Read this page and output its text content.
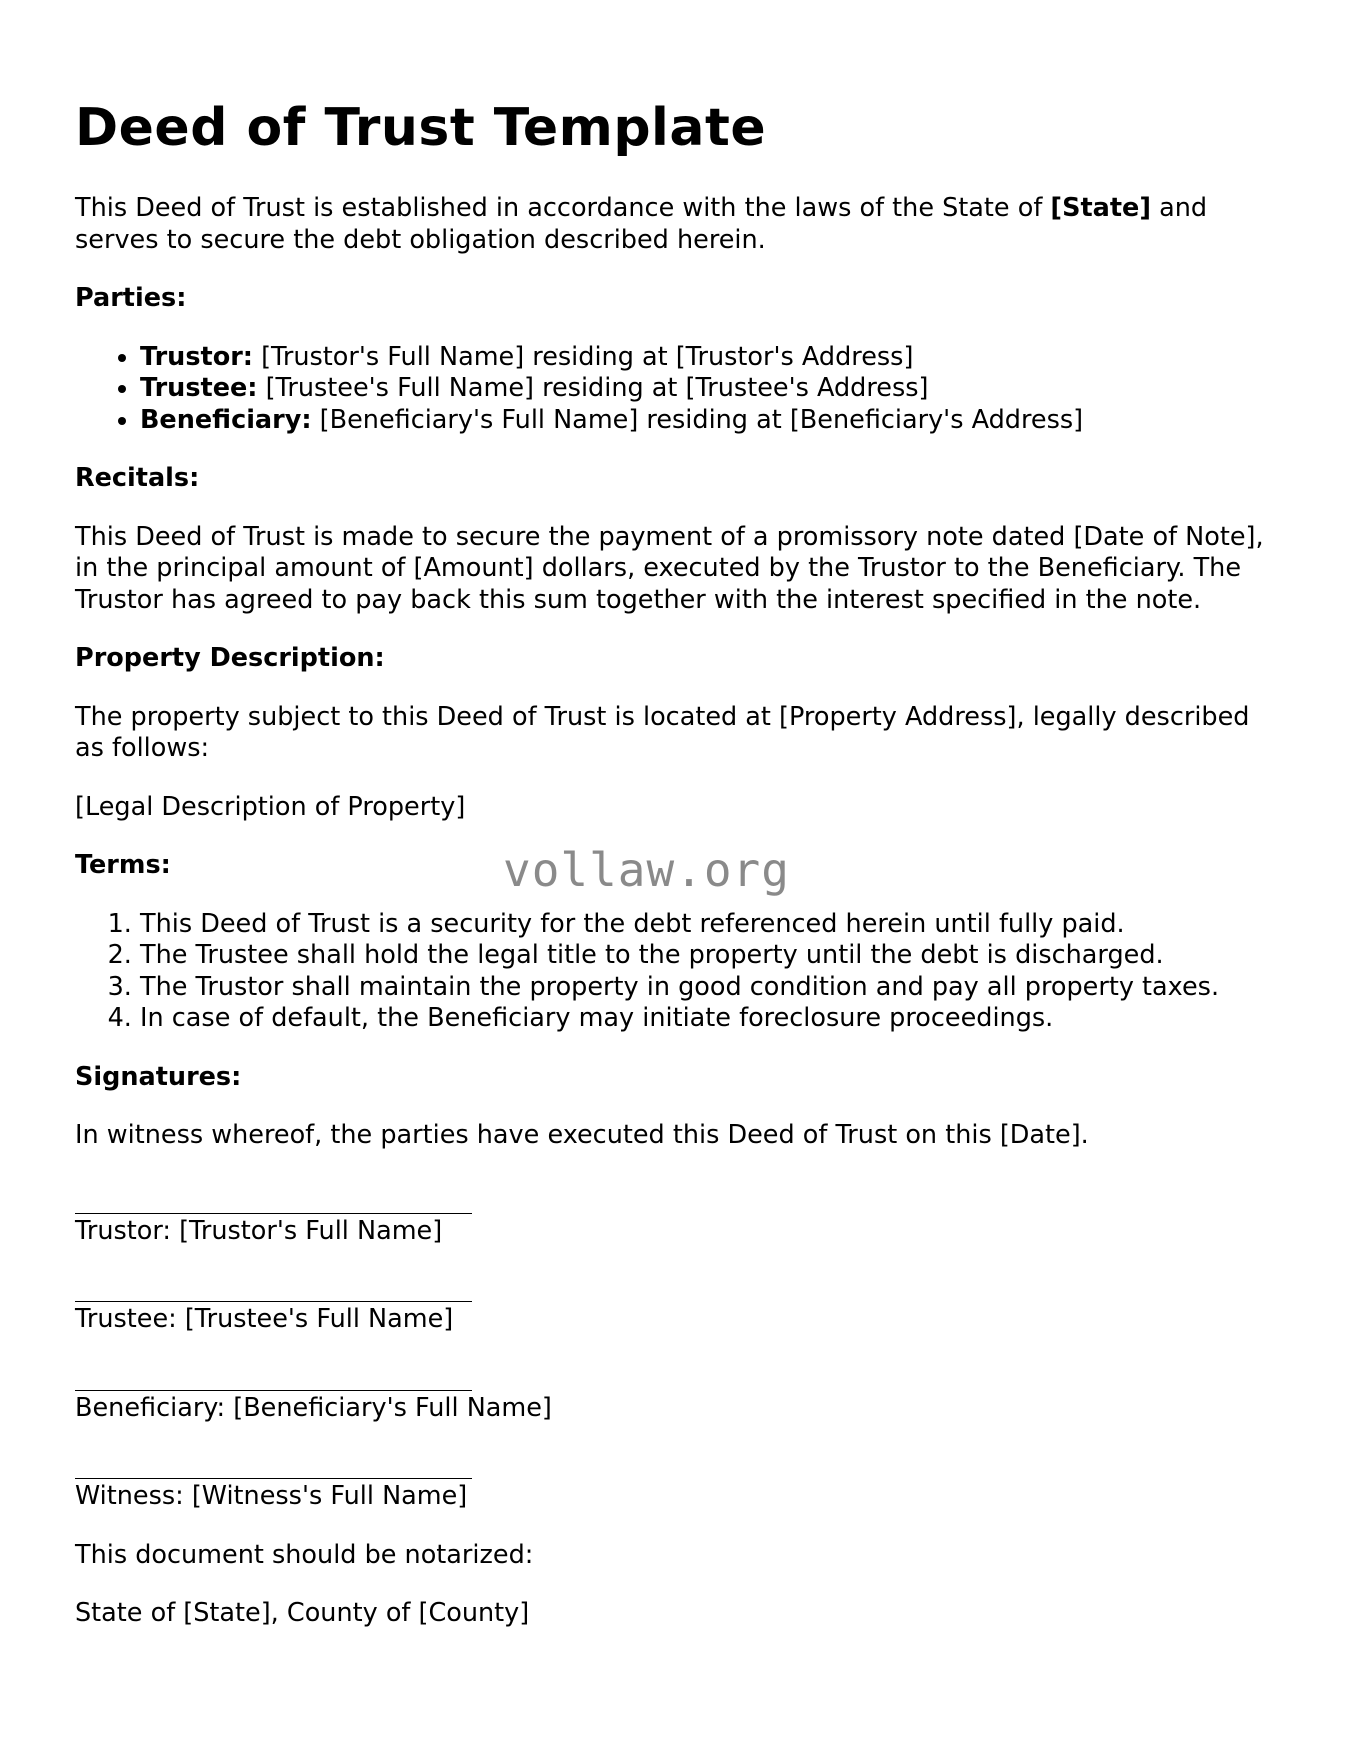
Deed of Trust Template

This Deed of Trust is established in accordance with the laws of the State of [State] and serves to secure the debt obligation described herein.

Parties:

• Trustor: [Trustor's Full Name] residing at [Trustor's Address]
• Trustee: [Trustee's Full Name] residing at [Trustee's Address]
• Beneficiary: [Beneficiary's Full Name] residing at [Beneficiary's Address]

Recitals:

This Deed of Trust is made to secure the payment of a promissory note dated [Date of Note], in the principal amount of [Amount] dollars, executed by the Trustor to the Beneficiary. The Trustor has agreed to pay back this sum together with the interest specified in the note.

Property Description:

The property subject to this Deed of Trust is located at [Property Address], legally described as follows:

[Legal Description of Property]

Terms:

1. This Deed of Trust is a security for the debt referenced herein until fully paid.
2. The Trustee shall hold the legal title to the property until the debt is discharged.
3. The Trustor shall maintain the property in good condition and pay all property taxes.
4. In case of default, the Beneficiary may initiate foreclosure proceedings.

Signatures:

In witness whereof, the parties have executed this Deed of Trust on this [Date].

Trustor: [Trustor's Full Name]

Trustee: [Trustee's Full Name]

Beneficiary: [Beneficiary's Full Name]

Witness: [Witness's Full Name]

This document should be notarized:

State of [State], County of [County]

vollaw.org
